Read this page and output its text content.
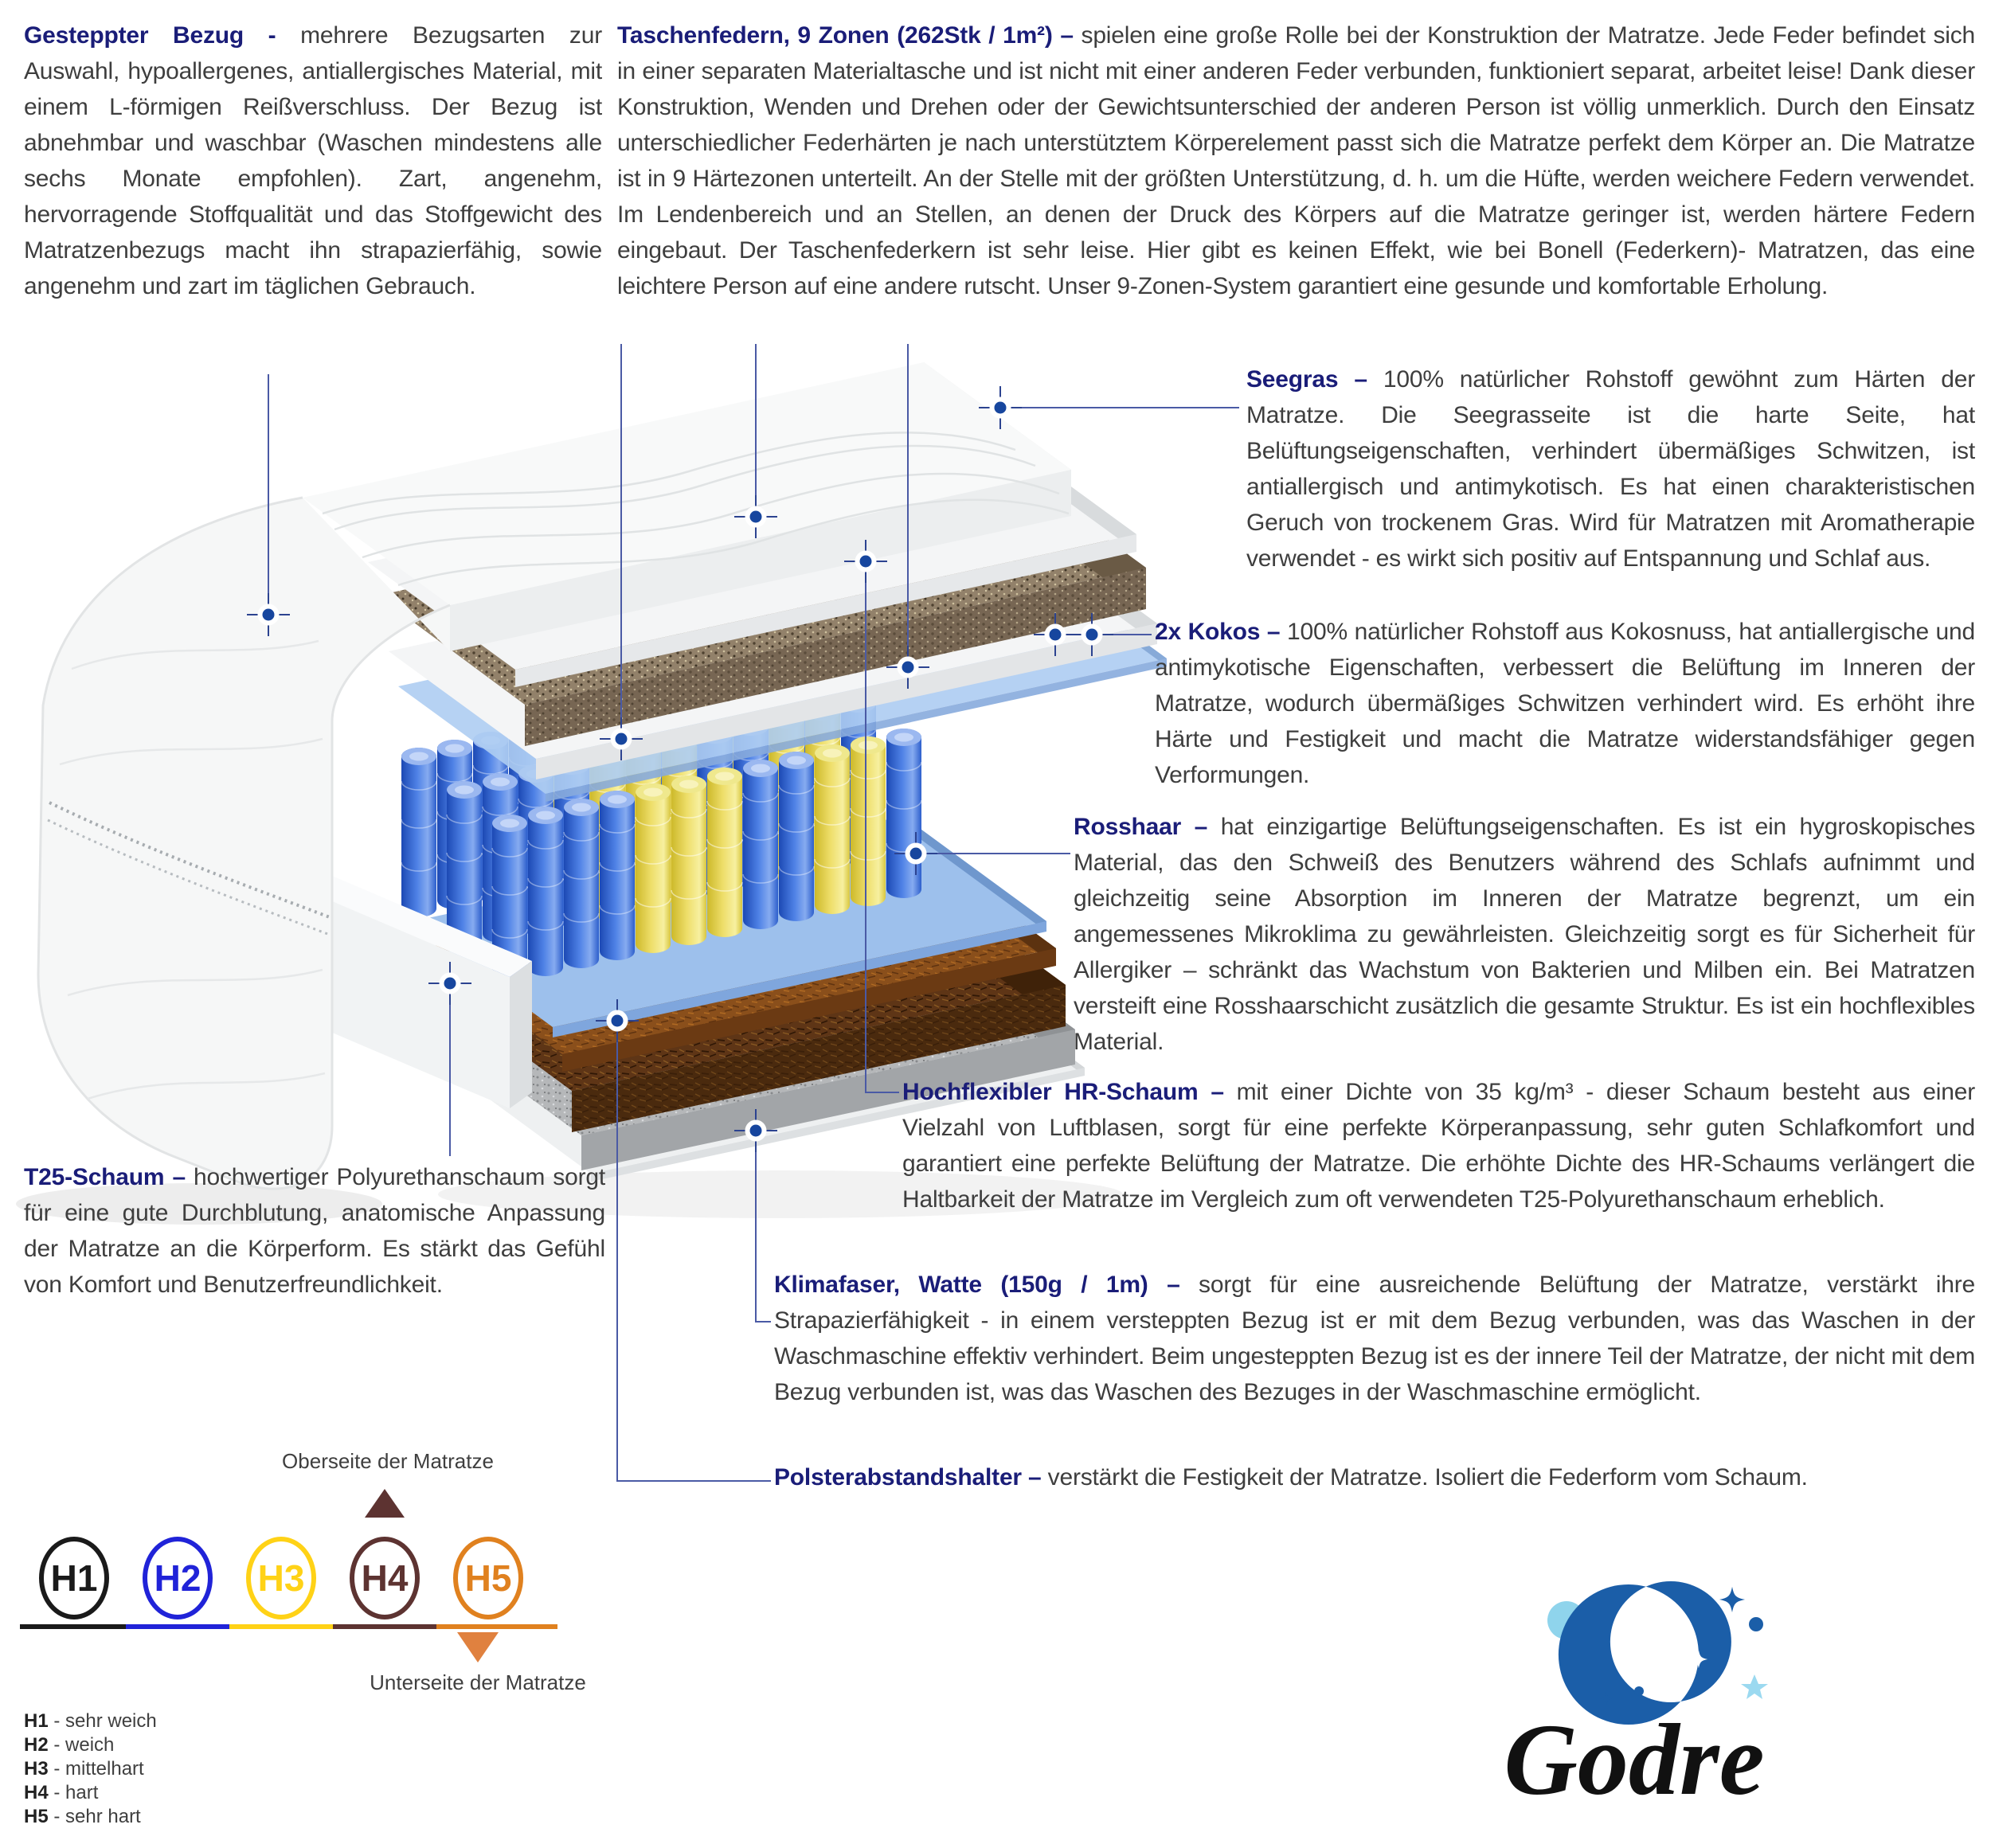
Godre
Gesteppter Bezug - mehrere Bezugsarten zur Auswahl, hypoallergenes, antiallergisches Material, mit einem L-förmigen Reißverschluss. Der Bezug ist abnehmbar und waschbar (Waschen mindestens alle sechs Monate empfohlen). Zart, angenehm, hervorragende Stoffqualität und das Stoffgewicht des Matratzenbezugs macht ihn strapazierfähig, sowie angenehm und zart im täglichen Gebrauch.
Taschenfedern, 9 Zonen (262Stk / 1m²) – spielen eine große Rolle bei der Konstruktion der Matratze. Jede Feder befindet sich in einer separaten Materialtasche und ist nicht mit einer anderen Feder verbunden, funktioniert separat, arbeitet leise! Dank dieser Konstruktion, Wenden und Drehen oder der Gewichtsunterschied der anderen Person ist völlig unmerklich. Durch den Einsatz unterschiedlicher Federhärten je nach unterstütztem Körperelement passt sich die Matratze perfekt dem Körper an. Die Matratze ist in 9 Härtezonen unterteilt. An der Stelle mit der größten Unterstützung, d. h. um die Hüfte, werden weichere Federn verwendet. Im Lendenbereich und an Stellen, an denen der Druck des Körpers auf die Matratze geringer ist, werden härtere Federn eingebaut. Der Taschenfederkern ist sehr leise. Hier gibt es keinen Effekt, wie bei Bonell (Federkern)- Matratzen, das eine leichtere Person auf eine andere rutscht. Unser 9-Zonen-System garantiert eine gesunde und komfortable Erholung.
Seegras – 100% natürlicher Rohstoff gewöhnt zum Härten der Matratze. Die Seegrasseite ist die harte Seite, hat Belüftungseigenschaften, verhindert übermäßiges Schwitzen, ist antiallergisch und antimykotisch. Es hat einen charakteristischen Geruch von trockenem Gras. Wird für Matratzen mit Aromatherapie verwendet - es wirkt sich positiv auf Entspannung und Schlaf aus.
2x Kokos – 100% natürlicher Rohstoff aus Kokosnuss, hat antiallergische und antimykotische Eigenschaften, verbessert die Belüftung im Inneren der Matratze, wodurch übermäßiges Schwitzen verhindert wird. Es erhöht ihre Härte und Festigkeit und macht die Matratze widerstandsfähiger gegen Verformungen.
Rosshaar – hat einzigartige Belüftungseigenschaften. Es ist ein hygroskopisches Material, das den Schweiß des Benutzers während des Schlafs aufnimmt und gleichzeitig seine Absorption im Inneren der Matratze begrenzt, um ein angemessenes Mikroklima zu gewährleisten. Gleichzeitig sorgt es für Sicherheit für Allergiker – schränkt das Wachstum von Bakterien und Milben ein. Bei Matratzen versteift eine Rosshaarschicht zusätzlich die gesamte Struktur. Es ist ein hochflexibles Material.
Hochflexibler HR-Schaum – mit einer Dichte von 35 kg/m³ - dieser Schaum besteht aus einer Vielzahl von Luftblasen, sorgt für eine perfekte Körperanpassung, sehr guten Schlafkomfort und garantiert eine perfekte Belüftung der Matratze. Die erhöhte Dichte des HR-Schaums verlängert die Haltbarkeit der Matratze im Vergleich zum oft verwendeten T25-Polyurethanschaum erheblich.
Klimafaser, Watte (150g / 1m) – sorgt für eine ausreichende Belüftung der Matratze, verstärkt ihre Strapazierfähigkeit - in einem versteppten Bezug ist er mit dem Bezug verbunden, was das Waschen in der Waschmaschine effektiv verhindert. Beim ungesteppten Bezug ist es der innere Teil der Matratze, der nicht mit dem Bezug verbunden ist, was das Waschen des Bezuges in der Waschmaschine ermöglicht.
Polsterabstandshalter – verstärkt die Festigkeit der Matratze. Isoliert die Federform vom Schaum.
T25-Schaum – hochwertiger Polyurethanschaum sorgt für eine gute Durchblutung, anatomische Anpassung der Matratze an die Körperform. Es stärkt das Gefühl von Komfort und Benutzerfreundlichkeit.
Oberseite der Matratze
H1 H2 H3 H4 H5
Unterseite der Matratze
H1 - sehr weich
H2 - weich
H3 - mittelhart
H4 - hart
H5 - sehr hart
